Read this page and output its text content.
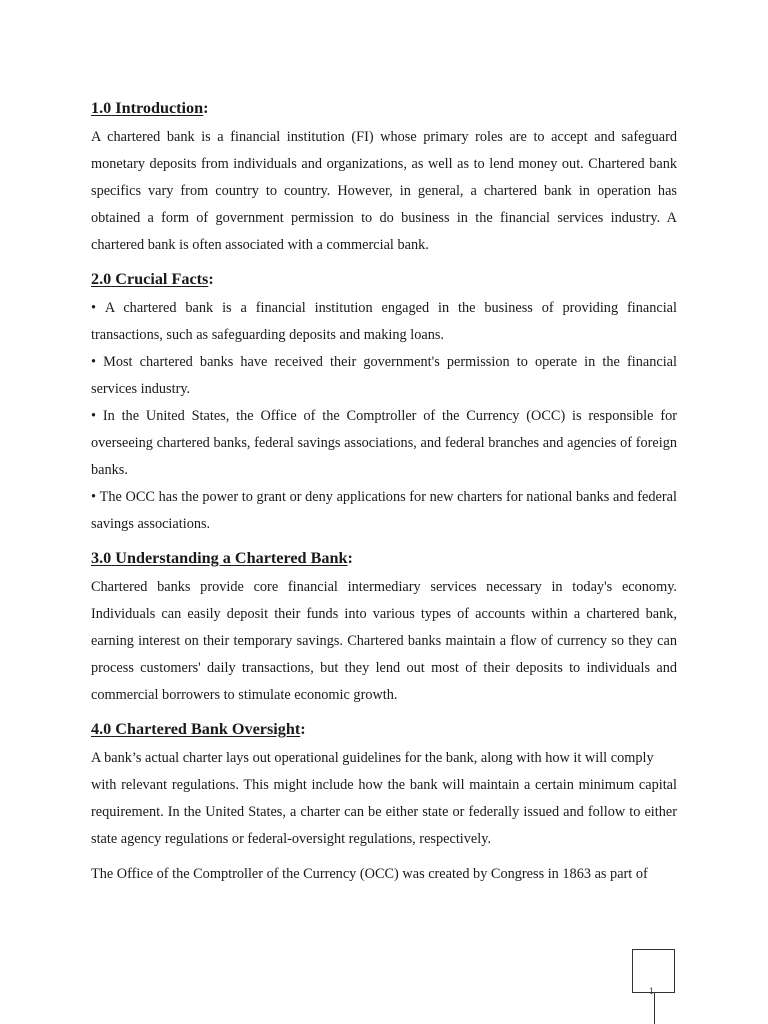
1.0 Introduction:

A chartered bank is a financial institution (FI) whose primary roles are to accept and safeguard monetary deposits from individuals and organizations, as well as to lend money out. Chartered bank specifics vary from country to country. However, in general, a chartered bank in operation has obtained a form of government permission to do business in the financial services industry. A chartered bank is often associated with a commercial bank.

2.0 Crucial Facts:

• A chartered bank is a financial institution engaged in the business of providing financial transactions, such as safeguarding deposits and making loans.

• Most chartered banks have received their government's permission to operate in the financial services industry.

• In the United States, the Office of the Comptroller of the Currency (OCC) is responsible for overseeing chartered banks, federal savings associations, and federal branches and agencies of foreign banks.

• The OCC has the power to grant or deny applications for new charters for national banks and federal savings associations.

3.0 Understanding a Chartered Bank:

Chartered banks provide core financial intermediary services necessary in today's economy. Individuals can easily deposit their funds into various types of accounts within a chartered bank, earning interest on their temporary savings. Chartered banks maintain a flow of currency so they can process customers' daily transactions, but they lend out most of their deposits to individuals and commercial borrowers to stimulate economic growth.

4.0 Chartered Bank Oversight:

A bank’s actual charter lays out operational guidelines for the bank, along with how it will comply

with relevant regulations. This might include how the bank will maintain a certain minimum capital requirement. In the United States, a charter can be either state or federally issued and follow to either state agency regulations or federal-oversight regulations, respectively.

The Office of the Comptroller of the Currency (OCC) was created by Congress in 1863 as part of

1
